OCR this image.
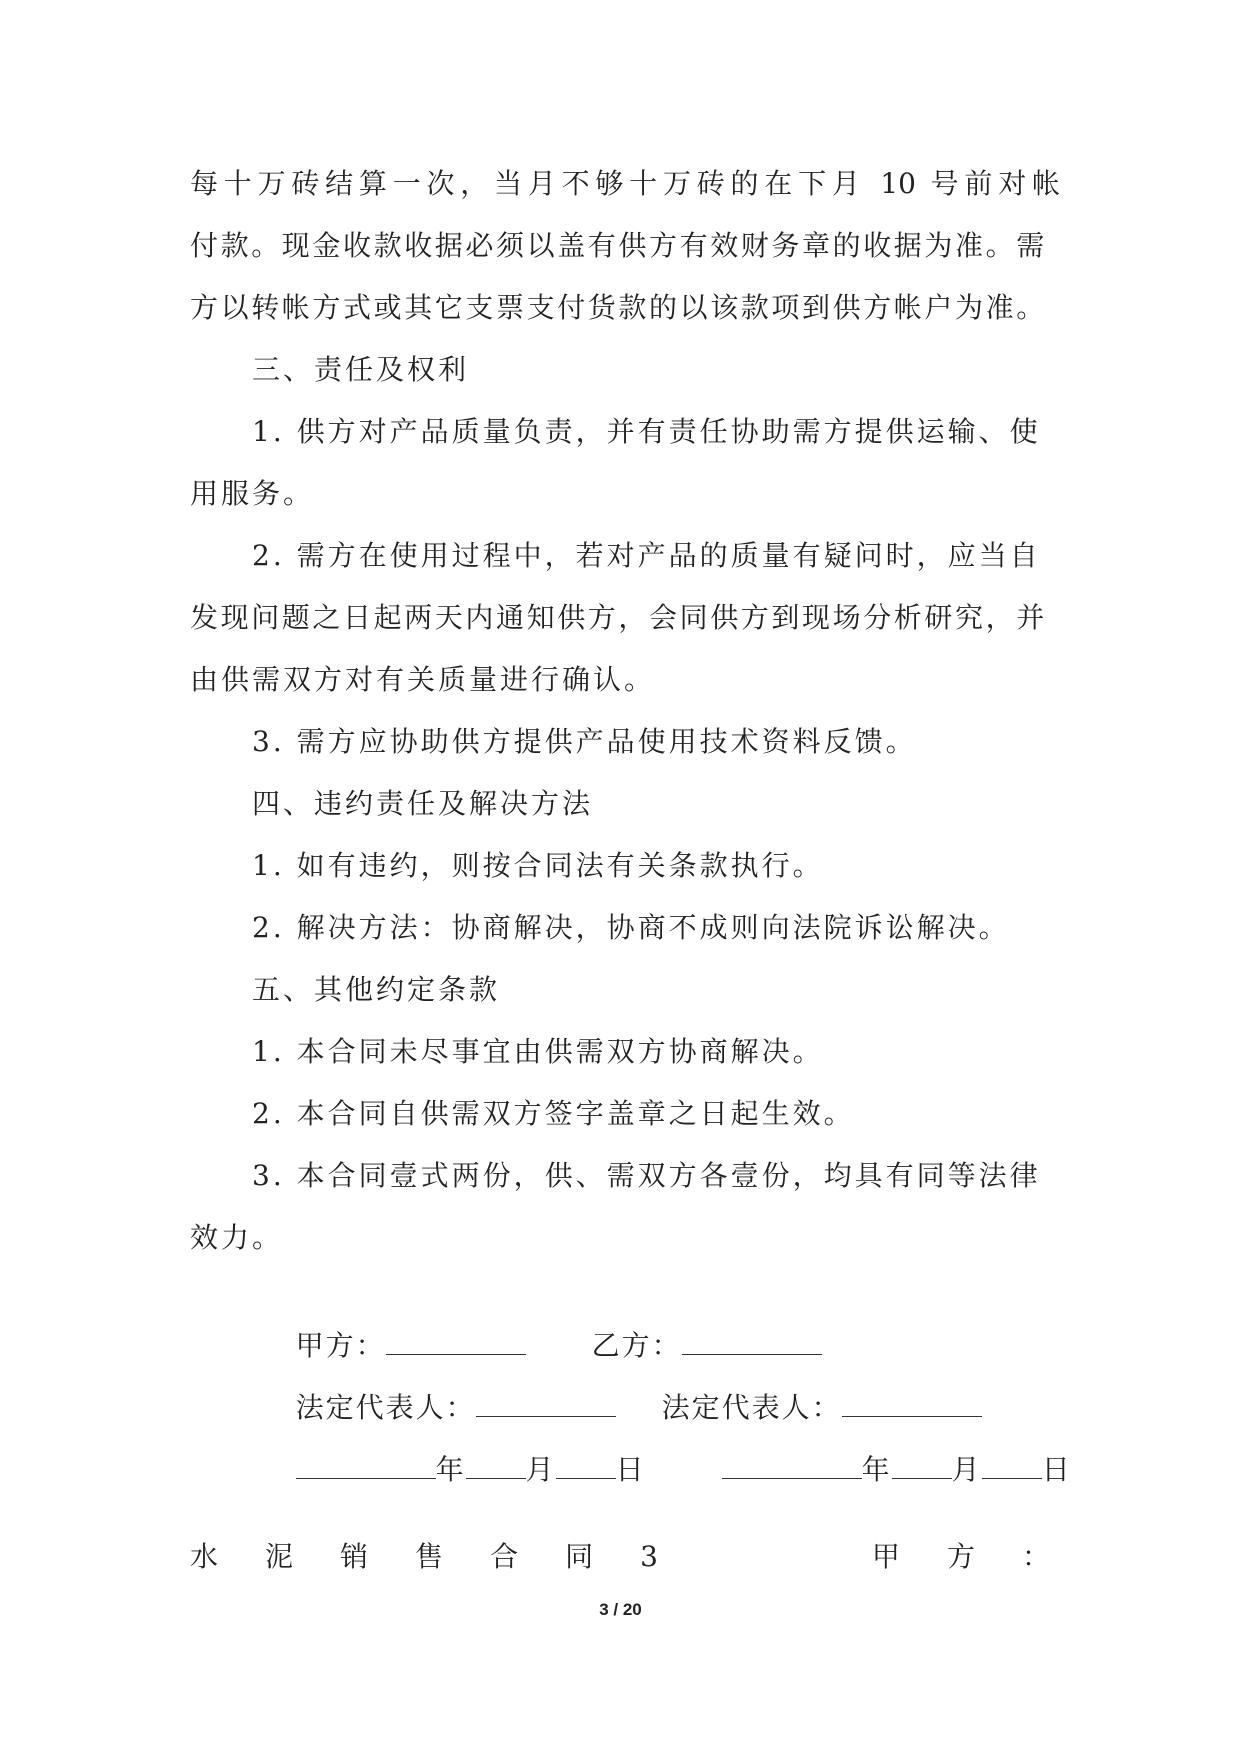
每十万砖结算一次，当月不够十万砖的在下月 10 号前对帐
付款。现金收款收据必须以盖有供方有效财务章的收据为准。需
方以转帐方式或其它支票支付货款的以该款项到供方帐户为准。
三、责任及权利
1. 供方对产品质量负责，并有责任协助需方提供运输、使
用服务。
2. 需方在使用过程中，若对产品的质量有疑问时，应当自
发现问题之日起两天内通知供方，会同供方到现场分析研究，并
由供需双方对有关质量进行确认。
3. 需方应协助供方提供产品使用技术资料反馈。
四、违约责任及解决方法
1. 如有违约，则按合同法有关条款执行。
2. 解决方法：协商解决，协商不成则向法院诉讼解决。
五、其他约定条款
1. 本合同未尽事宜由供需双方协商解决。
2. 本合同自供需双方签字盖章之日起生效。
3. 本合同壹式两份，供、需双方各壹份，均具有同等法律
效力。

甲方：	乙方：

法定代表人：	法定代表人：

年 月 日	年 月 日

水 泥 销 售 合 同 3	甲 方 ：
3 / 20
